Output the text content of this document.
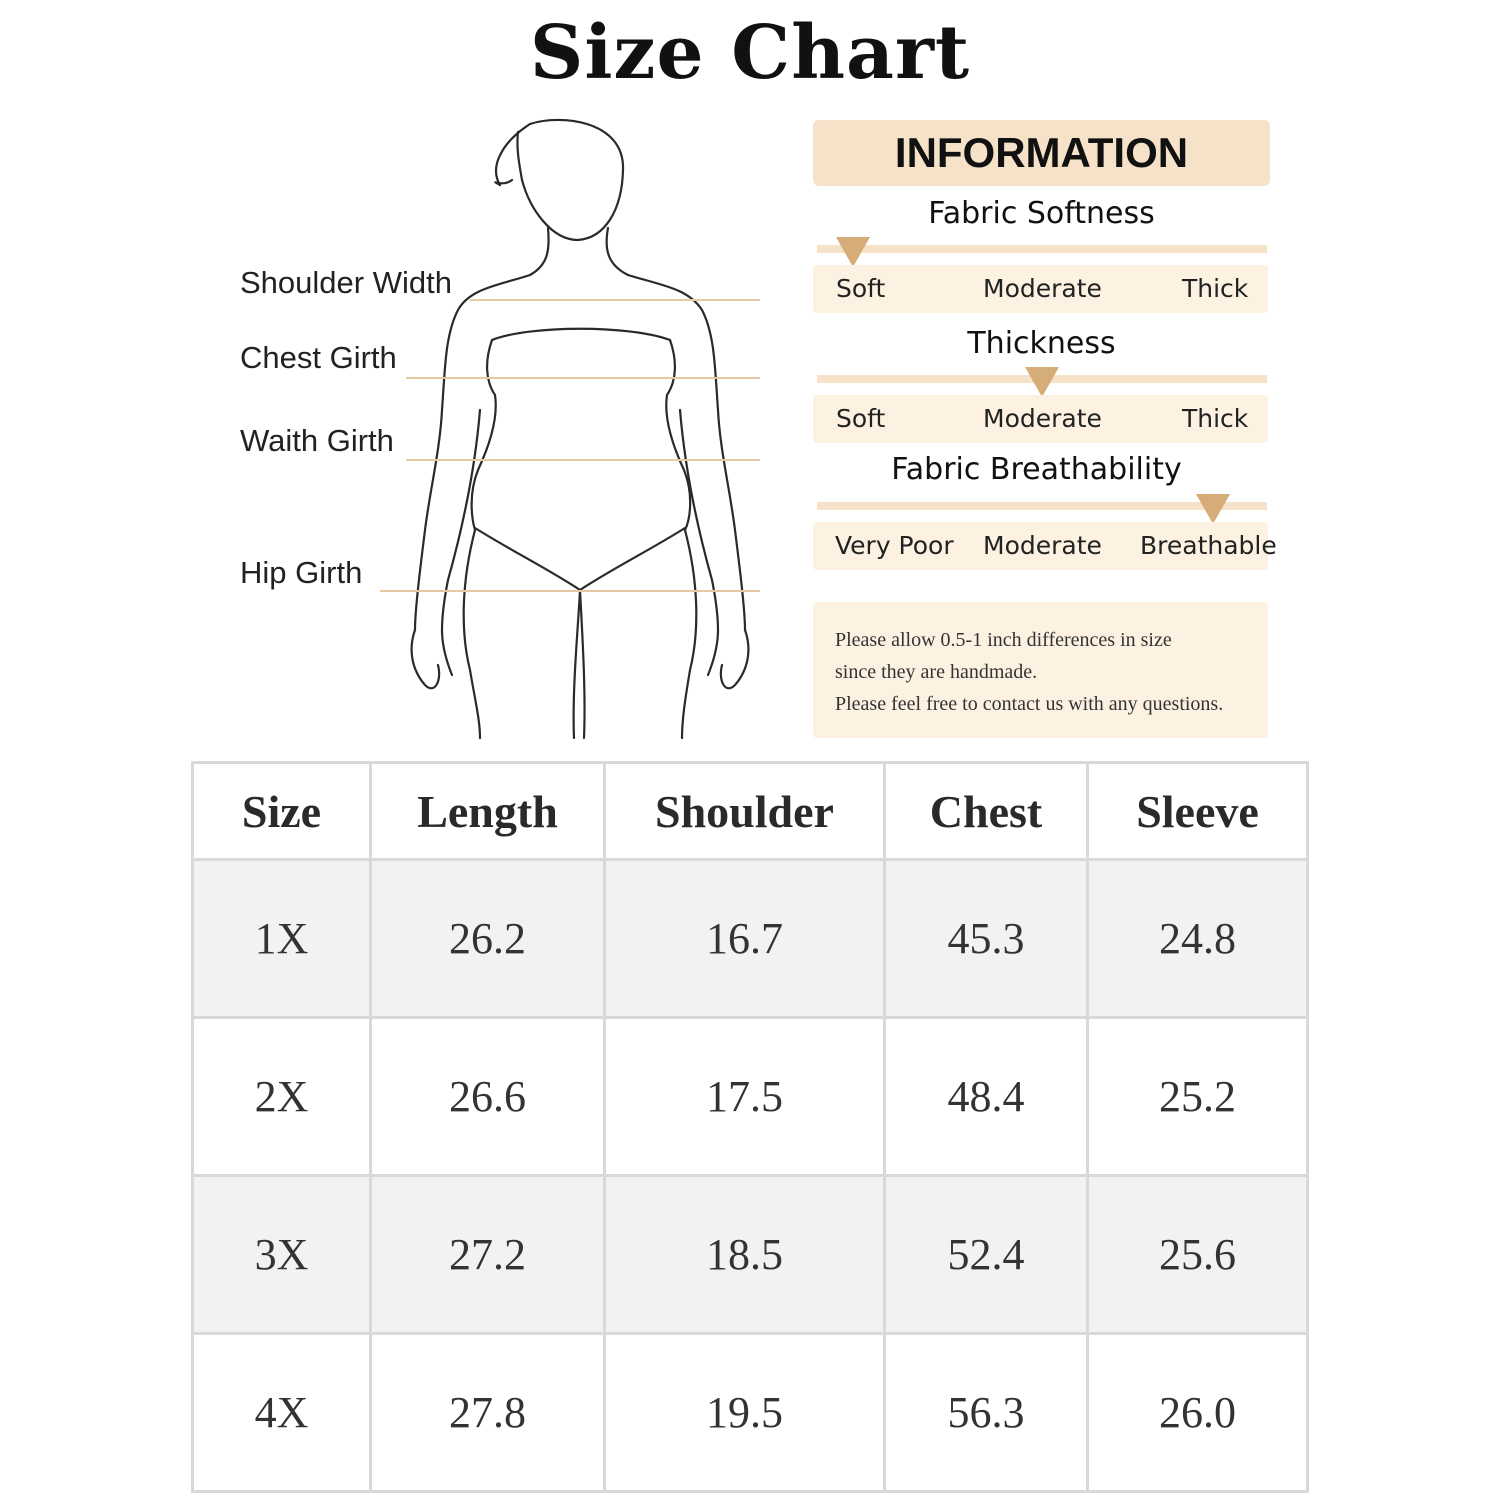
Size Chart
Shoulder Width
Chest Girth
Waith Girth
Hip Girth
INFORMATION
Fabric Softness
Soft	Moderate	Thick
Thickness
Soft	Moderate	Thick
Fabric Breathability
Very Poor Moderate Breathable
Please allow 0.5-1 inch differences in size
since they are handmade.
Please feel free to contact us with any questions.
Size	Length	Shoulder	Chest	Sleeve
1X	26.2	16.7	45.3	24.8
2X	26.6	17.5	48.4	25.2
3X	27.2	18.5	52.4	25.6
4X	27.8	19.5	56.3	26.0
